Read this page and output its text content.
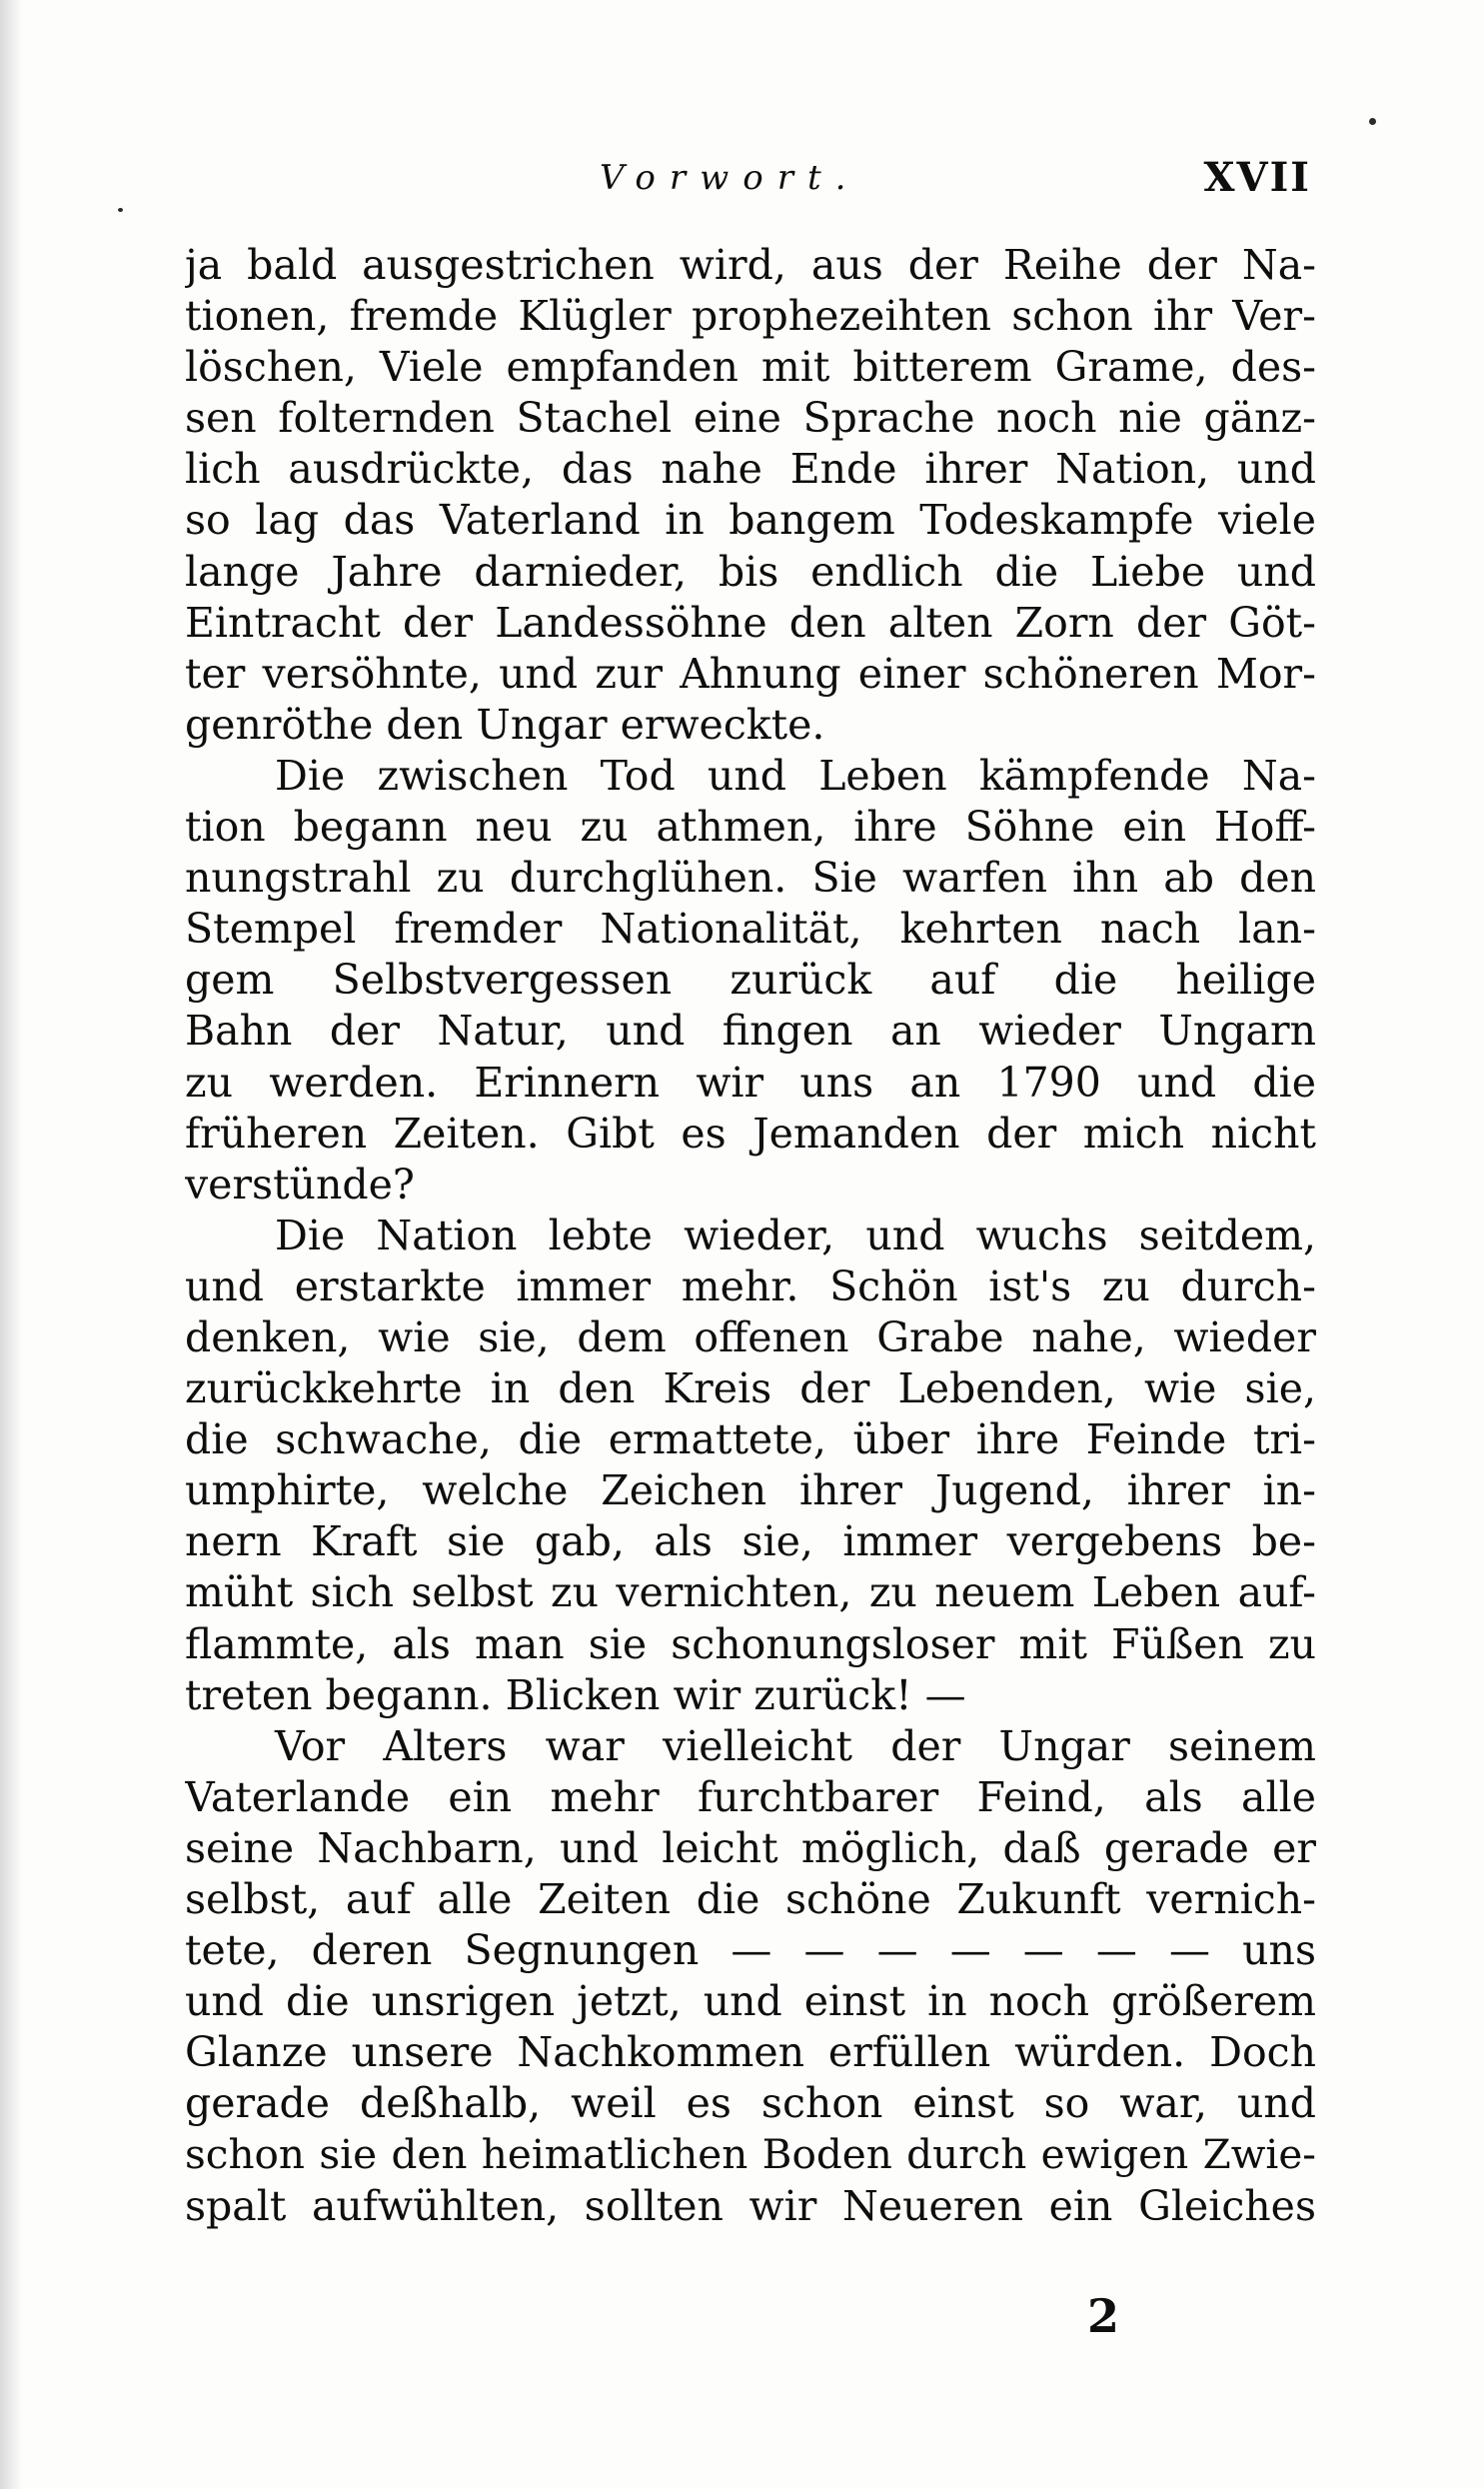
Vorwort.	XVII
ja bald ausgestrichen wird, aus der Reihe der Na-
tionen, fremde Klügler prophezeihten schon ihr Ver-
löschen, Viele empfanden mit bitterem Grame, des-
sen folternden Stachel eine Sprache noch nie gänz-
lich ausdrückte, das nahe Ende ihrer Nation, und
so lag das Vaterland in bangem Todeskampfe viele
lange Jahre darnieder, bis endlich die Liebe und
Eintracht der Landessöhne den alten Zorn der Göt-
ter versöhnte, und zur Ahnung einer schöneren Mor-
genröthe den Ungar erweckte.
Die zwischen Tod und Leben kämpfende Na-
tion begann neu zu athmen, ihre Söhne ein Hoff-
nungstrahl zu durchglühen. Sie warfen ihn ab den
Stempel fremder Nationalität, kehrten nach lan-
gem Selbstvergessen zurück auf die heilige
Bahn der Natur, und fingen an wieder Ungarn
zu werden. Erinnern wir uns an 1790 und die
früheren Zeiten. Gibt es Jemanden der mich nicht
verstünde?
Die Nation lebte wieder, und wuchs seitdem,
und erstarkte immer mehr. Schön ist's zu durch-
denken, wie sie, dem offenen Grabe nahe, wieder
zurückkehrte in den Kreis der Lebenden, wie sie,
die schwache, die ermattete, über ihre Feinde tri-
umphirte, welche Zeichen ihrer Jugend, ihrer in-
nern Kraft sie gab, als sie, immer vergebens be-
müht sich selbst zu vernichten, zu neuem Leben auf-
flammte, als man sie schonungsloser mit Füßen zu
treten begann. Blicken wir zurück! —
Vor Alters war vielleicht der Ungar seinem
Vaterlande ein mehr furchtbarer Feind, als alle
seine Nachbarn, und leicht möglich, daß gerade er
selbst, auf alle Zeiten die schöne Zukunft vernich-
tete, deren Segnungen — — — — — — — uns
und die unsrigen jetzt, und einst in noch größerem
Glanze unsere Nachkommen erfüllen würden. Doch
gerade deßhalb, weil es schon einst so war, und
schon sie den heimatlichen Boden durch ewigen Zwie-
spalt aufwühlten, sollten wir Neueren ein Gleiches
2
